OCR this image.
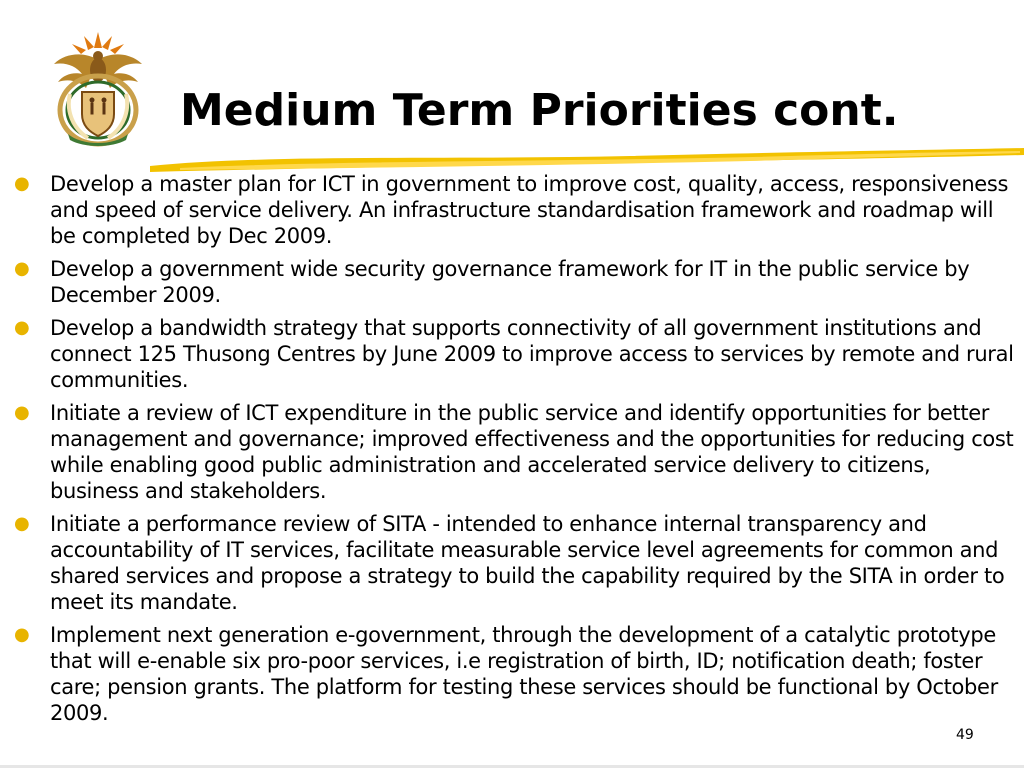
Medium Term Priorities cont.
● Develop a master plan for ICT in government to improve cost, quality, access, responsiveness and speed of service delivery. An infrastructure standardisation framework and roadmap will be completed by Dec 2009.
● Develop a government wide security governance framework for IT in the public service by December 2009.
● Develop a bandwidth strategy that supports connectivity of all government institutions and connect 125 Thusong Centres by June 2009 to improve access to services by remote and rural communities.
● Initiate a review of ICT expenditure in the public service and identify opportunities for better management and governance; improved effectiveness and the opportunities for reducing cost while enabling good public administration and accelerated service delivery to citizens, business and stakeholders.
● Initiate a performance review of SITA - intended to enhance internal transparency and accountability of IT services, facilitate measurable service level agreements for common and shared services and propose a strategy to build the capability required by the SITA in order to meet its mandate.
● Implement next generation e-government, through the development of a catalytic prototype that will e-enable six pro-poor services, i.e registration of birth, ID; notification death; foster care; pension grants. The platform for testing these services should be functional by October 2009.
49
